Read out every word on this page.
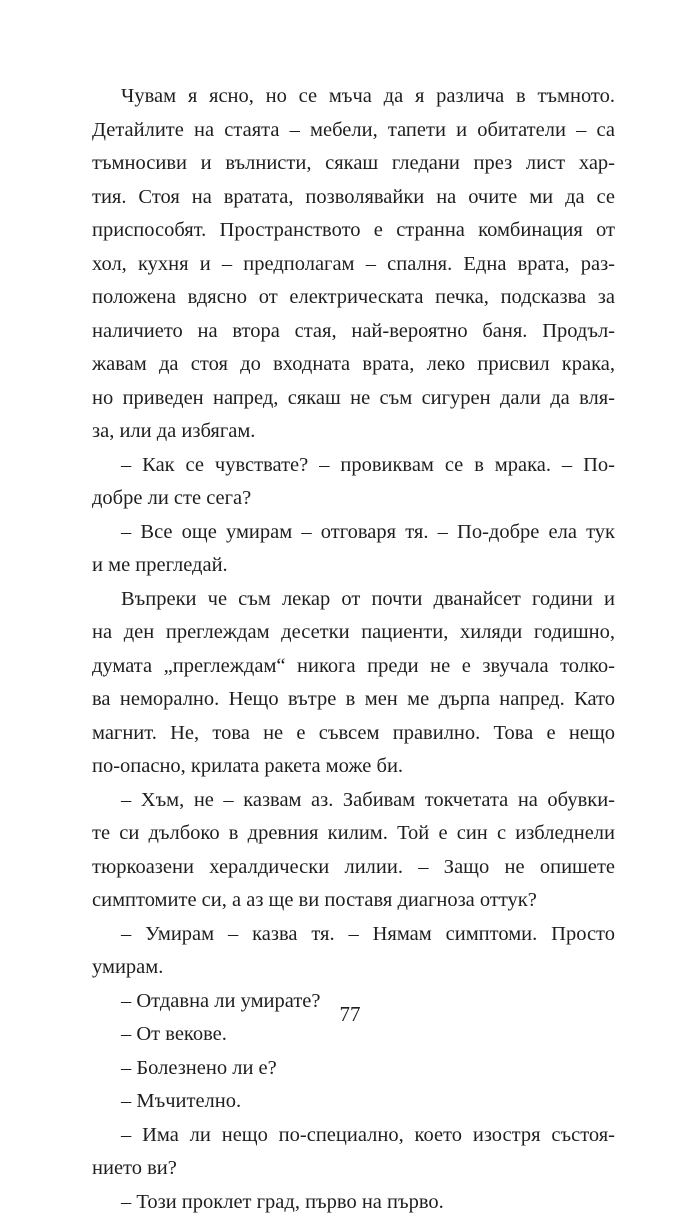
Чувам я ясно, но се мъча да я различа в тъмното.
Детайлите на стаята – мебели, тапети и обитатели – са
тъмносиви и вълнисти, сякаш гледани през лист хар-
тия. Стоя на вратата, позволявайки на очите ми да се
приспособят. Пространството е странна комбинация от
хол, кухня и – предполагам – спалня. Една врата, раз-
положена вдясно от електрическата печка, подсказва за
наличието на втора стая, най-вероятно баня. Продъл-
жавам да стоя до входната врата, леко присвил крака,
но приведен напред, сякаш не съм сигурен дали да вля-
за, или да избягам.
– Как се чувствате? – провиквам се в мрака. – По-
добре ли сте сега?
– Все още умирам – отговаря тя. – По-добре ела тук
и ме прегледай.
Въпреки че съм лекар от почти дванайсет години и
на ден преглеждам десетки пациенти, хиляди годишно,
думата „преглеждам“ никога преди не е звучала толко-
ва неморално. Нещо вътре в мен ме дърпа напред. Като
магнит. Не, това не е съвсем правилно. Това е нещо
по-опасно, крилата ракета може би.
– Хъм, не – казвам аз. Забивам токчетата на обувки-
те си дълбоко в древния килим. Той е син с избледнели
тюркоазени хералдически лилии. – Защо не опишете
симптомите си, а аз ще ви поставя диагноза оттук?
– Умирам – казва тя. – Нямам симптоми. Просто
умирам.
– Отдавна ли умирате?
– От векове.
– Болезнено ли е?
– Мъчително.
– Има ли нещо по-специално, което изостря състоя-
нието ви?
– Този проклет град, първо на първо.
77
